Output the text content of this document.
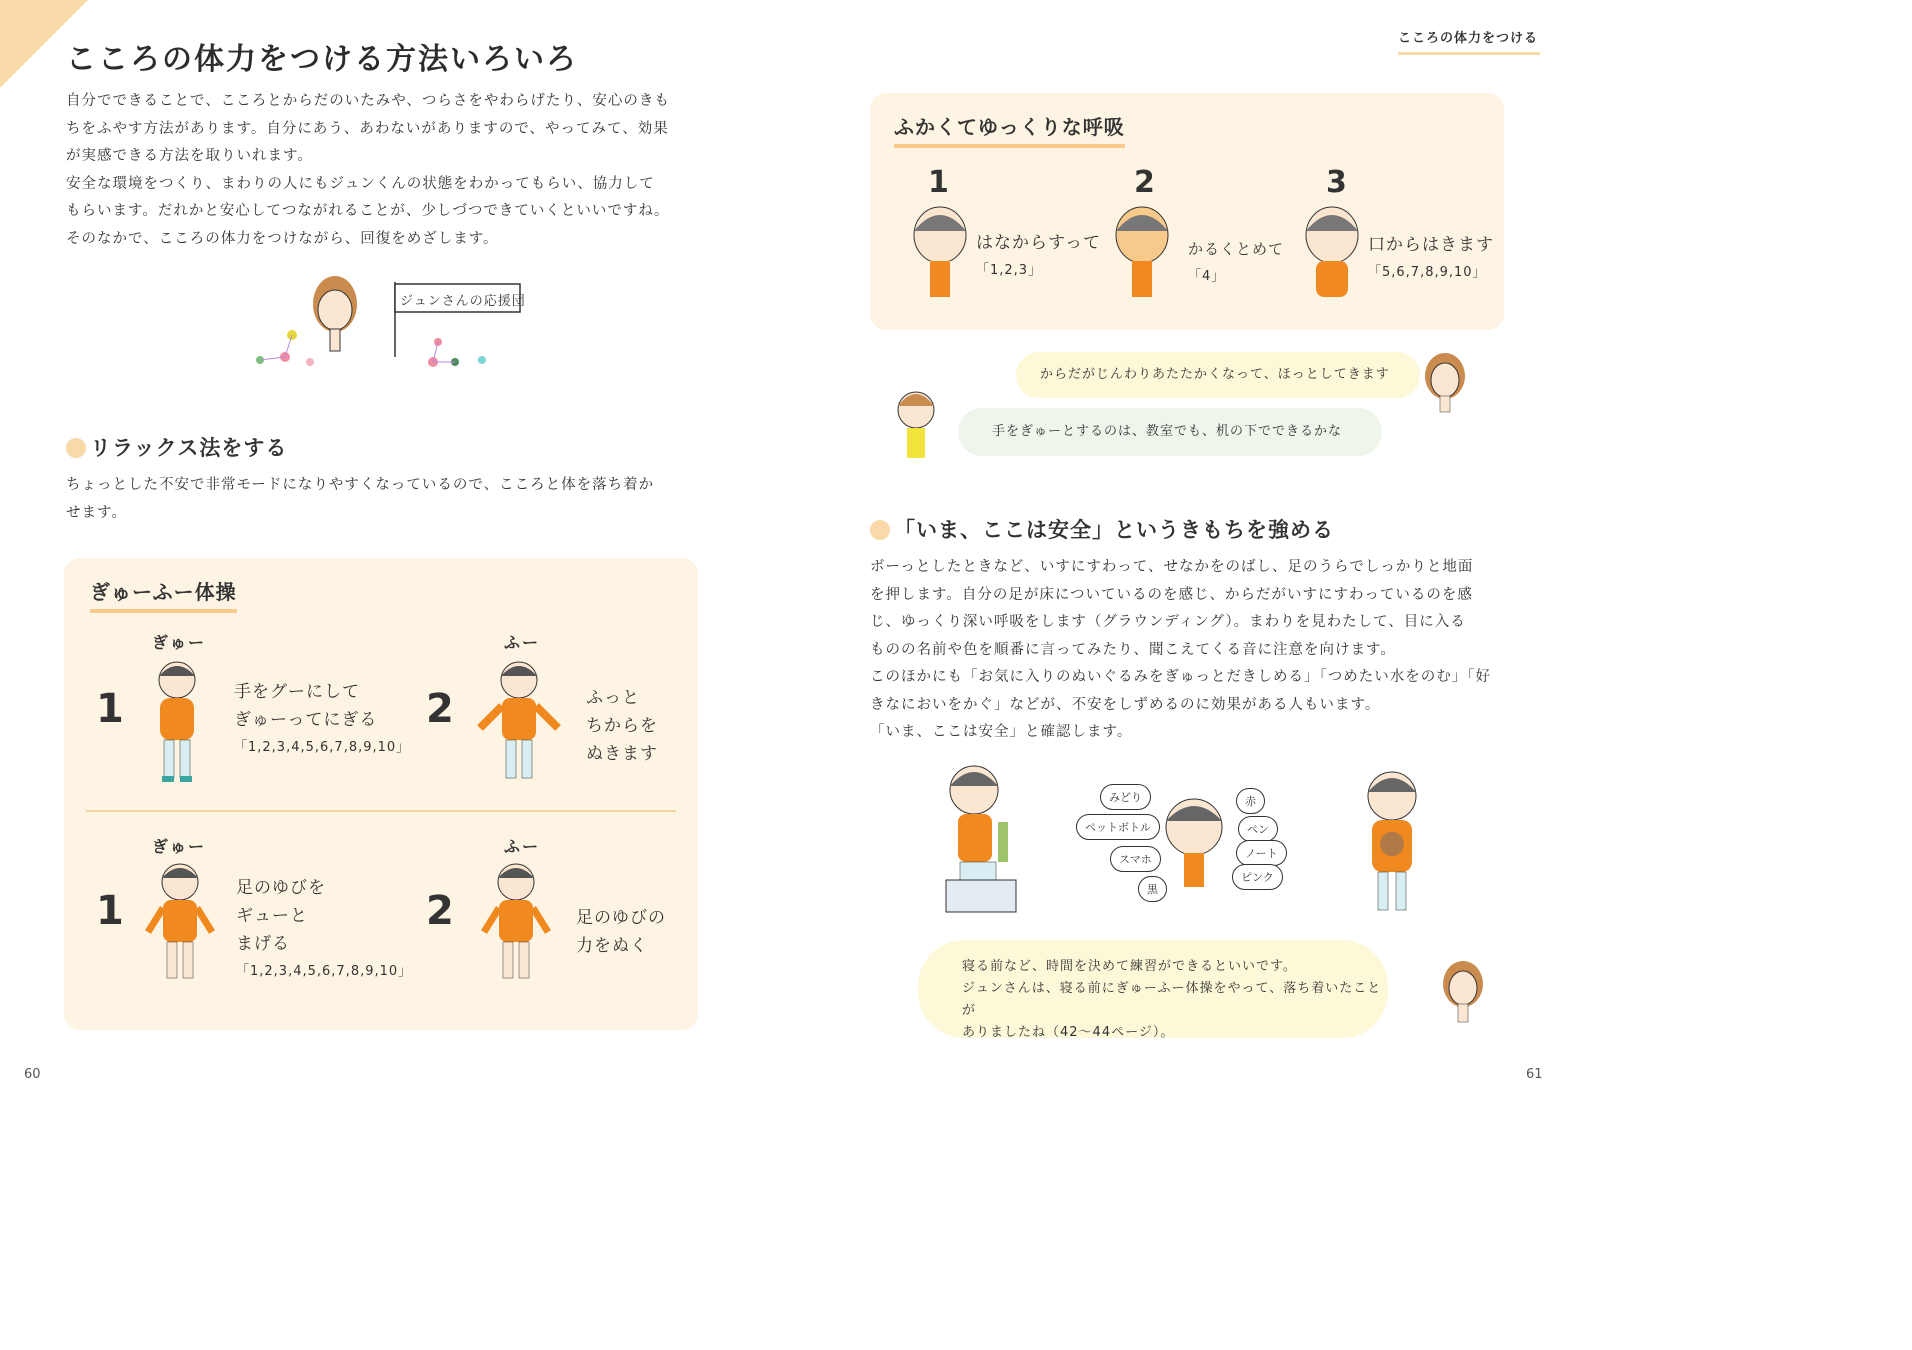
こころの体力をつける方法いろいろ
自分でできることで、こころとからだのいたみや、つらさをやわらげたり、安心のきも
ちをふやす方法があります。自分にあう、あわないがありますので、やってみて、効果
が実感できる方法を取りいれます。
安全な環境をつくり、まわりの人にもジュンくんの状態をわかってもらい、協力して
もらいます。だれかと安心してつながれることが、少しづつできていくといいですね。
そのなかで、こころの体力をつけながら、回復をめざします。
ジュンさんの応援団
リラックス法をする
ちょっとした不安で非常モードになりやすくなっているので、こころと体を落ち着か
せます。
ぎゅーふー体操
ぎゅー
1	手をグーにして
ぎゅーってにぎる
「1,2,3,4,5,6,7,8,9,10」
ふー
2	ふっと
ちからを
ぬきます
ぎゅー
1	足のゆびを
ギューと
まげる
「1,2,3,4,5,6,7,8,9,10」
ふー
2	足のゆびの
力をぬく
60
こころの体力をつける
ふかくてゆっくりな呼吸
1
はなからすって
「1,2,3」
2
かるくとめて
「4」
3
口からはきます
「5,6,7,8,9,10」
からだがじんわりあたたかくなって、ほっとしてきます
手をぎゅーとするのは、教室でも、机の下でできるかな
「いま、ここは安全」というきもちを強める
ボーっとしたときなど、いすにすわって、せなかをのばし、足のうらでしっかりと地面
を押します。自分の足が床についているのを感じ、からだがいすにすわっているのを感
じ、ゆっくり深い呼吸をします（グラウンディング）。まわりを見わたして、目に入る
ものの名前や色を順番に言ってみたり、聞こえてくる音に注意を向けます。
このほかにも「お気に入りのぬいぐるみをぎゅっとだきしめる」「つめたい水をのむ」「好
きなにおいをかぐ」などが、不安をしずめるのに効果がある人もいます。
「いま、ここは安全」と確認します。
みどり
ペットボトル
スマホ
黒
赤
ペン
ノート
ピンク
寝る前など、時間を決めて練習ができるといいです。
ジュンさんは、寝る前にぎゅーふー体操をやって、落ち着いたことが
ありましたね（42～44ページ）。
61
